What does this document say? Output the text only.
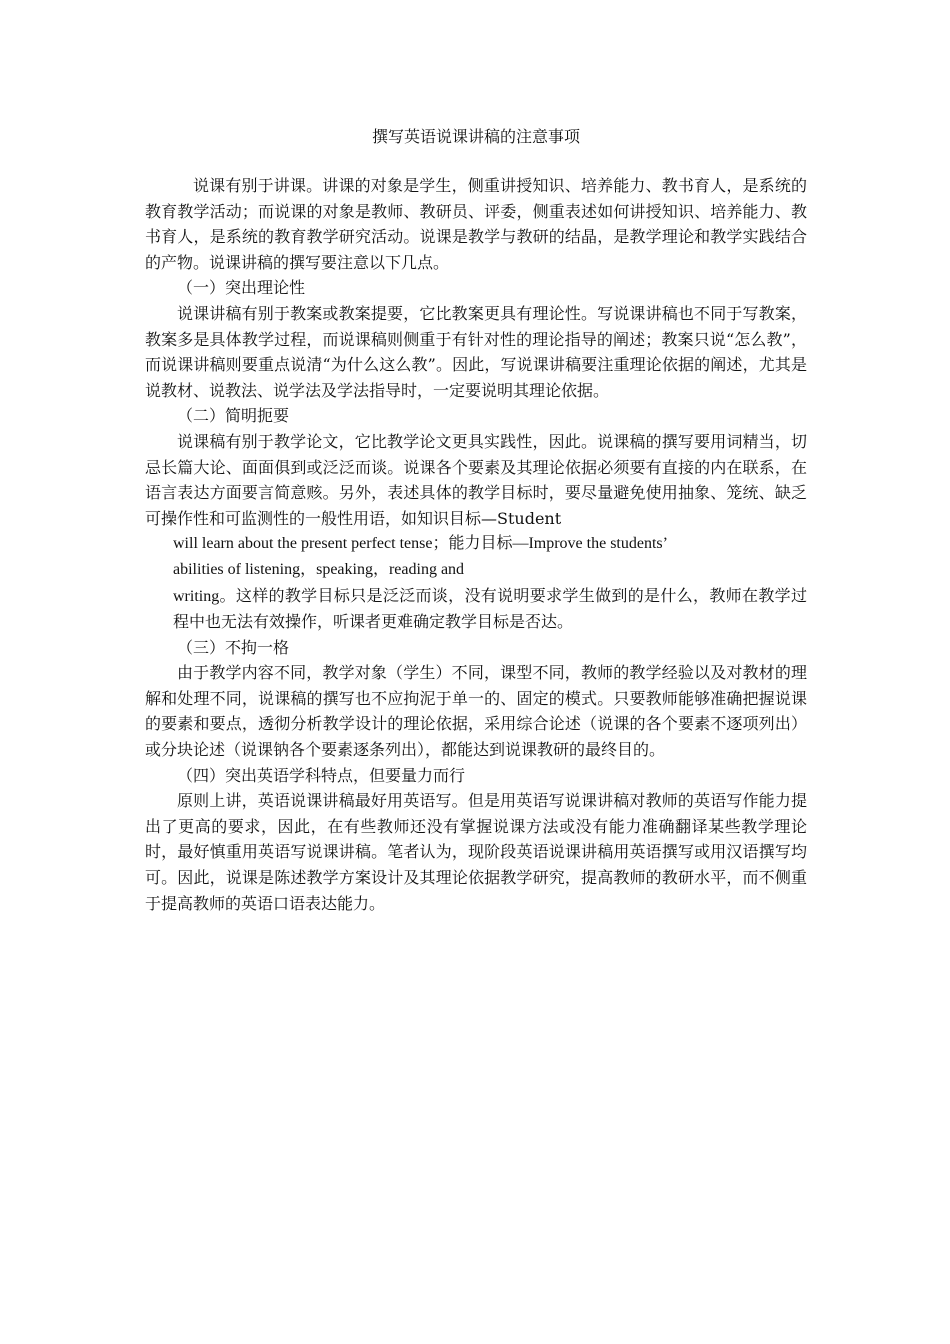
撰写英语说课讲稿的注意事项

说课有别于讲课。讲课的对象是学生，侧重讲授知识、培养能力、教书育人，是系统的教育教学活动；而说课的对象是教师、教研员、评委，侧重表述如何讲授知识、培养能力、教书育人，是系统的教育教学研究活动。说课是教学与教研的结晶，是教学理论和教学实践结合的产物。说课讲稿的撰写要注意以下几点。

（一）突出理论性

说课讲稿有别于教案或教案提要，它比教案更具有理论性。写说课讲稿也不同于写教案，教案多是具体教学过程，而说课稿则侧重于有针对性的理论指导的阐述；教案只说“怎么教”，而说课讲稿则要重点说清“为什么这么教”。因此，写说课讲稿要注重理论依据的阐述，尤其是说教材、说教法、说学法及学法指导时，一定要说明其理论依据。

（二）简明扼要

说课稿有别于教学论文，它比教学论文更具实践性，因此。说课稿的撰写要用词精当，切忌长篇大论、面面俱到或泛泛而谈。说课各个要素及其理论依据必须要有直接的内在联系，在语言表达方面要言简意赅。另外，表述具体的教学目标时，要尽量避免使用抽象、笼统、缺乏可操作性和可监测性的一般性用语，如知识目标—Student

will learn about the present perfect tense；能力目标—Improve the students’

abilities of listening，speaking，reading and

writing。这样的教学目标只是泛泛而谈，没有说明要求学生做到的是什么，教师在教学过程中也无法有效操作，听课者更难确定教学目标是否达。

（三）不拘一格

由于教学内容不同，教学对象（学生）不同，课型不同，教师的教学经验以及对教材的理解和处理不同，说课稿的撰写也不应拘泥于单一的、固定的模式。只要教师能够准确把握说课的要素和要点，透彻分析教学设计的理论依据，采用综合论述（说课的各个要素不逐项列出）或分块论述（说课钠各个要素逐条列出），都能达到说课教研的最终目的。

（四）突出英语学科特点，但要量力而行

原则上讲，英语说课讲稿最好用英语写。但是用英语写说课讲稿对教师的英语写作能力提出了更高的要求，因此，在有些教师还没有掌握说课方法或没有能力准确翻译某些教学理论时，最好慎重用英语写说课讲稿。笔者认为，现阶段英语说课讲稿用英语撰写或用汉语撰写均可。因此，说课是陈述教学方案设计及其理论依据教学研究，提高教师的教研水平，而不侧重于提高教师的英语口语表达能力。
